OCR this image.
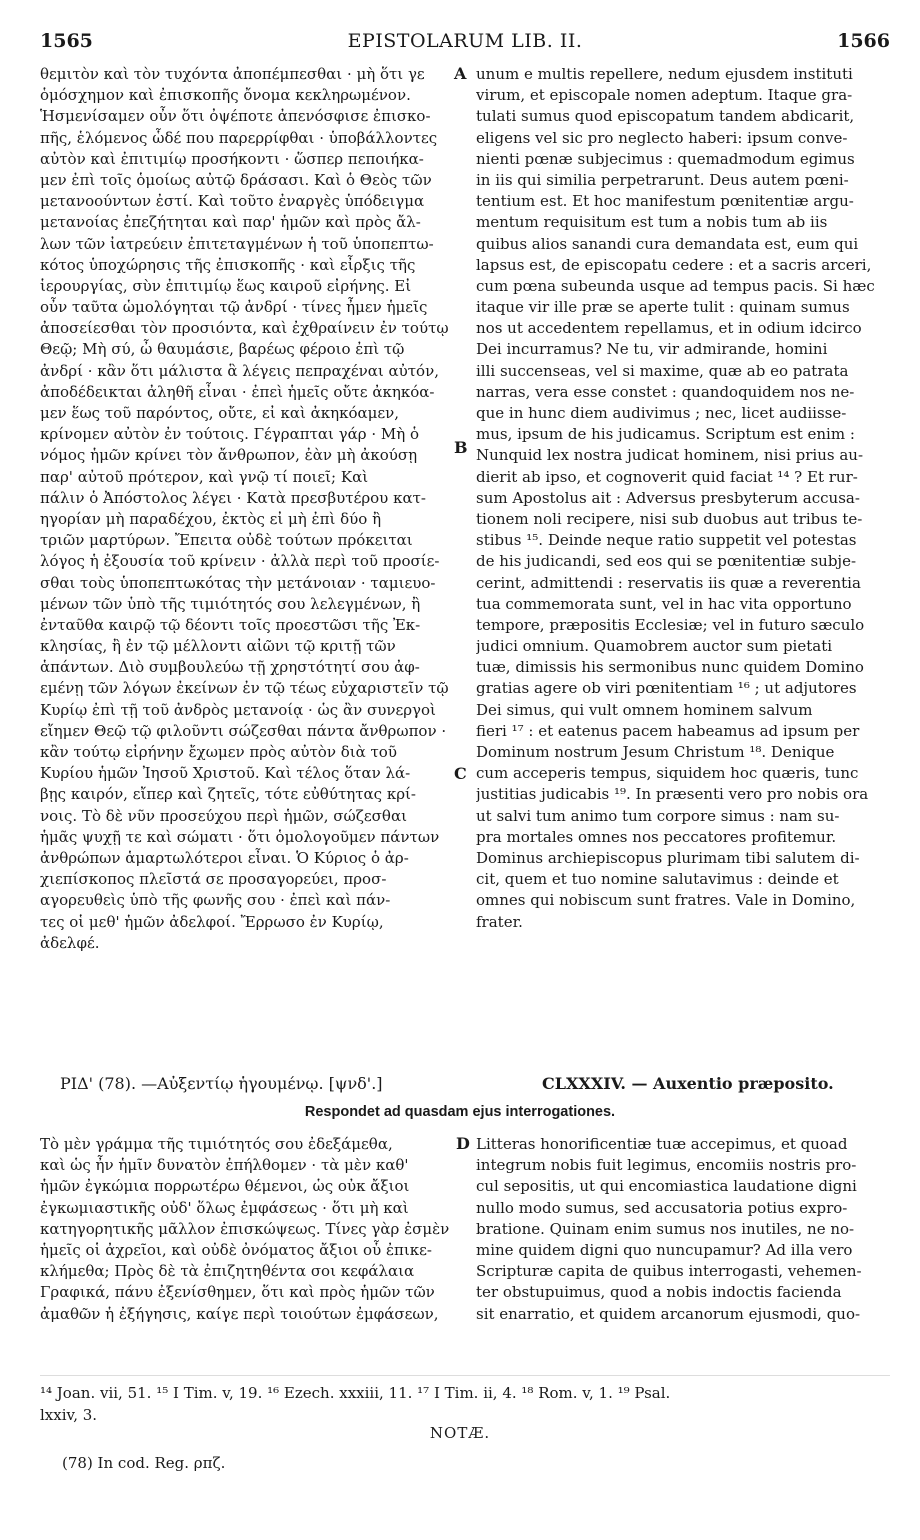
1565	EPISTOLARUM LIB. II.	1566
θεμιτὸν καὶ τὸν τυχόντα ἀποπέμπεσθαι · μὴ ὅτι γε
ὁμόσχημον καὶ ἐπισκοπῆς ὄνομα κεκληρωμένον.
Ἡσμενίσαμεν οὖν ὅτι ὀψέποτε ἀπενόσφισε ἐπισκο-
πῆς, ἑλόμενος ὧδέ που παρερρίφθαι · ὑποβάλλοντες
αὐτὸν καὶ ἐπιτιμίῳ προσήκοντι · ὥσπερ πεποιήκα-
μεν ἐπὶ τοῖς ὁμοίως αὐτῷ δράσασι. Καὶ ὁ Θεὸς τῶν
μετανοούντων ἐστί. Καὶ τοῦτο ἐναργὲς ὑπόδειγμα
μετανοίας ἐπεζήτηται καὶ παρ' ἡμῶν καὶ πρὸς ἄλ-
λων τῶν ἰατρεύειν ἐπιτεταγμένων ἡ τοῦ ὑποπεπτω-
κότος ὑποχώρησις τῆς ἐπισκοπῆς · καὶ εἶρξις τῆς
ἱερουργίας, σὺν ἐπιτιμίῳ ἕως καιροῦ εἰρήνης. Εἰ
οὖν ταῦτα ὡμολόγηται τῷ ἀνδρί · τίνες ἦμεν ἡμεῖς
ἀποσείεσθαι τὸν προσιόντα, καὶ ἐχθραίνειν ἐν τούτῳ
Θεῷ; Μὴ σύ, ὦ θαυμάσιε, βαρέως φέροιο ἐπὶ τῷ
ἀνδρί · κἂν ὅτι μάλιστα ἃ λέγεις πεπραχέναι αὐτόν,
ἀποδέδεικται ἀληθῆ εἶναι · ἐπεὶ ἡμεῖς οὔτε ἀκηκόα-
μεν ἕως τοῦ παρόντος, οὔτε, εἰ καὶ ἀκηκόαμεν,
κρίνομεν αὐτὸν ἐν τούτοις. Γέγραπται γάρ · Μὴ ὁ
νόμος ἡμῶν κρίνει τὸν ἄνθρωπον, ἐὰν μὴ ἀκούσῃ
παρ' αὐτοῦ πρότερον, καὶ γνῷ τί ποιεῖ; Καὶ
πάλιν ὁ Ἀπόστολος λέγει · Κατὰ πρεσβυτέρου κατ-
ηγορίαν μὴ παραδέχου, ἐκτὸς εἰ μὴ ἐπὶ δύο ἢ
τριῶν μαρτύρων. Ἔπειτα οὐδὲ τούτων πρόκειται
λόγος ἡ ἐξουσία τοῦ κρίνειν · ἀλλὰ περὶ τοῦ προσίε-
σθαι τοὺς ὑποπεπτωκότας τὴν μετάνοιαν · ταμιευο-
μένων τῶν ὑπὸ τῆς τιμιότητός σου λελεγμένων, ἢ
ἐνταῦθα καιρῷ τῷ δέοντι τοῖς προεστῶσι τῆς Ἐκ-
κλησίας, ἢ ἐν τῷ μέλλοντι αἰῶνι τῷ κριτῇ τῶν
ἁπάντων. Διὸ συμβουλεύω τῇ χρηστότητί σου ἀφ-
εμένῃ τῶν λόγων ἐκείνων ἐν τῷ τέως εὐχαριστεῖν τῷ
Κυρίῳ ἐπὶ τῇ τοῦ ἀνδρὸς μετανοίᾳ · ὡς ἂν συνεργοὶ
εἴημεν Θεῷ τῷ φιλοῦντι σώζεσθαι πάντα ἄνθρωπον ·
κἂν τούτῳ εἰρήνην ἔχωμεν πρὸς αὐτὸν διὰ τοῦ
Κυρίου ἡμῶν Ἰησοῦ Χριστοῦ. Καὶ τέλος ὅταν λά-
βῃς καιρόν, εἴπερ καὶ ζητεῖς, τότε εὐθύτητας κρί-
νοις. Τὸ δὲ νῦν προσεύχου περὶ ἡμῶν, σώζεσθαι
ἡμᾶς ψυχῇ τε καὶ σώματι · ὅτι ὁμολογοῦμεν πάντων
ἀνθρώπων ἁμαρτωλότεροι εἶναι. Ὁ Κύριος ὁ ἀρ-
χιεπίσκοπος πλεῖστά σε προσαγορεύει, προσ-
αγορευθεὶς ὑπὸ τῆς φωνῆς σου · ἐπεὶ καὶ πάν-
τες οἱ μεθ' ἡμῶν ἀδελφοί. Ἔρρωσο ἐν Κυρίῳ,
ἀδελφέ.
unum e multis repellere, nedum ejusdem instituti
virum, et episcopale nomen adeptum. Itaque gra-
tulati sumus quod episcopatum tandem abdicarit,
eligens vel sic pro neglecto haberi: ipsum conve-
nienti pœnæ subjecimus : quemadmodum egimus
in iis qui similia perpetrarunt. Deus autem pœni-
tentium est. Et hoc manifestum pœnitentiæ argu-
mentum requisitum est tum a nobis tum ab iis
quibus alios sanandi cura demandata est, eum qui
lapsus est, de episcopatu cedere : et a sacris arceri,
cum pœna subeunda usque ad tempus pacis. Si hæc
itaque vir ille præ se aperte tulit : quinam sumus
nos ut accedentem repellamus, et in odium idcirco
Dei incurramus? Ne tu, vir admirande, homini
illi succenseas, vel si maxime, quæ ab eo patrata
narras, vera esse constet : quandoquidem nos ne-
que in hunc diem audivimus ; nec, licet audiisse-
mus, ipsum de his judicamus. Scriptum est enim :
Nunquid lex nostra judicat hominem, nisi prius au-
dierit ab ipso, et cognoverit quid faciat ¹⁴ ? Et rur-
sum Apostolus ait : Adversus presbyterum accusa-
tionem noli recipere, nisi sub duobus aut tribus te-
stibus ¹⁵. Deinde neque ratio suppetit vel potestas
de his judicandi, sed eos qui se pœnitentiæ subje-
cerint, admittendi : reservatis iis quæ a reverentia
tua commemorata sunt, vel in hac vita opportuno
tempore, præpositis Ecclesiæ; vel in futuro sæculo
judici omnium. Quamobrem auctor sum pietati
tuæ, dimissis his sermonibus nunc quidem Domino
gratias agere ob viri pœnitentiam ¹⁶ ; ut adjutores
Dei simus, qui vult omnem hominem salvum
fieri ¹⁷ : et eatenus pacem habeamus ad ipsum per
Dominum nostrum Jesum Christum ¹⁸. Denique
cum acceperis tempus, siquidem hoc quæris, tunc
justitias judicabis ¹⁹. In præsenti vero pro nobis ora
ut salvi tum animo tum corpore simus : nam su-
pra mortales omnes nos peccatores profitemur.
Dominus archiepiscopus plurimam tibi salutem di-
cit, quem et tuo nomine salutavimus : deinde et
omnes qui nobiscum sunt fratres. Vale in Domino,
frater.
A
B
C
D
ΡΙΔ' (78). —Αὐξεντίῳ ἡγουμένῳ. [ψνδ'.]	CLXXXIV. — Auxentio præposito.
Respondet ad quasdam ejus interrogationes.
Τὸ μὲν γράμμα τῆς τιμιότητός σου ἐδεξάμεθα,
καὶ ὡς ἦν ἡμῖν δυνατὸν ἐπήλθομεν · τὰ μὲν καθ'
ἡμῶν ἐγκώμια πορρωτέρω θέμενοι, ὡς οὐκ ἄξιοι
ἐγκωμιαστικῆς οὐδ' ὅλως ἐμφάσεως · ὅτι μὴ καὶ
κατηγορητικῆς μᾶλλον ἐπισκώψεως. Τίνες γὰρ ἐσμὲν
ἡμεῖς οἱ ἀχρεῖοι, καὶ οὐδὲ ὀνόματος ἄξιοι οὗ ἐπικε-
κλήμεθα; Πρὸς δὲ τὰ ἐπιζητηθέντα σοι κεφάλαια
Γραφικά, πάνυ ἐξενίσθημεν, ὅτι καὶ πρὸς ἡμῶν τῶν
ἀμαθῶν ἡ ἐξήγησις, καίγε περὶ τοιούτων ἐμφάσεων,
Litteras honorificentiæ tuæ accepimus, et quoad
integrum nobis fuit legimus, encomiis nostris pro-
cul sepositis, ut qui encomiastica laudatione digni
nullo modo sumus, sed accusatoria potius expro-
bratione. Quinam enim sumus nos inutiles, ne no-
mine quidem digni quo nuncupamur? Ad illa vero
Scripturæ capita de quibus interrogasti, vehemen-
ter obstupuimus, quod a nobis indoctis facienda
sit enarratio, et quidem arcanorum ejusmodi, quo-
¹⁴ Joan. vii, 51. ¹⁵ I Tim. v, 19. ¹⁶ Ezech. xxxiii, 11. ¹⁷ I Tim. ii, 4. ¹⁸ Rom. v, 1. ¹⁹ Psal.
lxxiv, 3.
NOTÆ.
(78) In cod. Reg. ρπζ.
